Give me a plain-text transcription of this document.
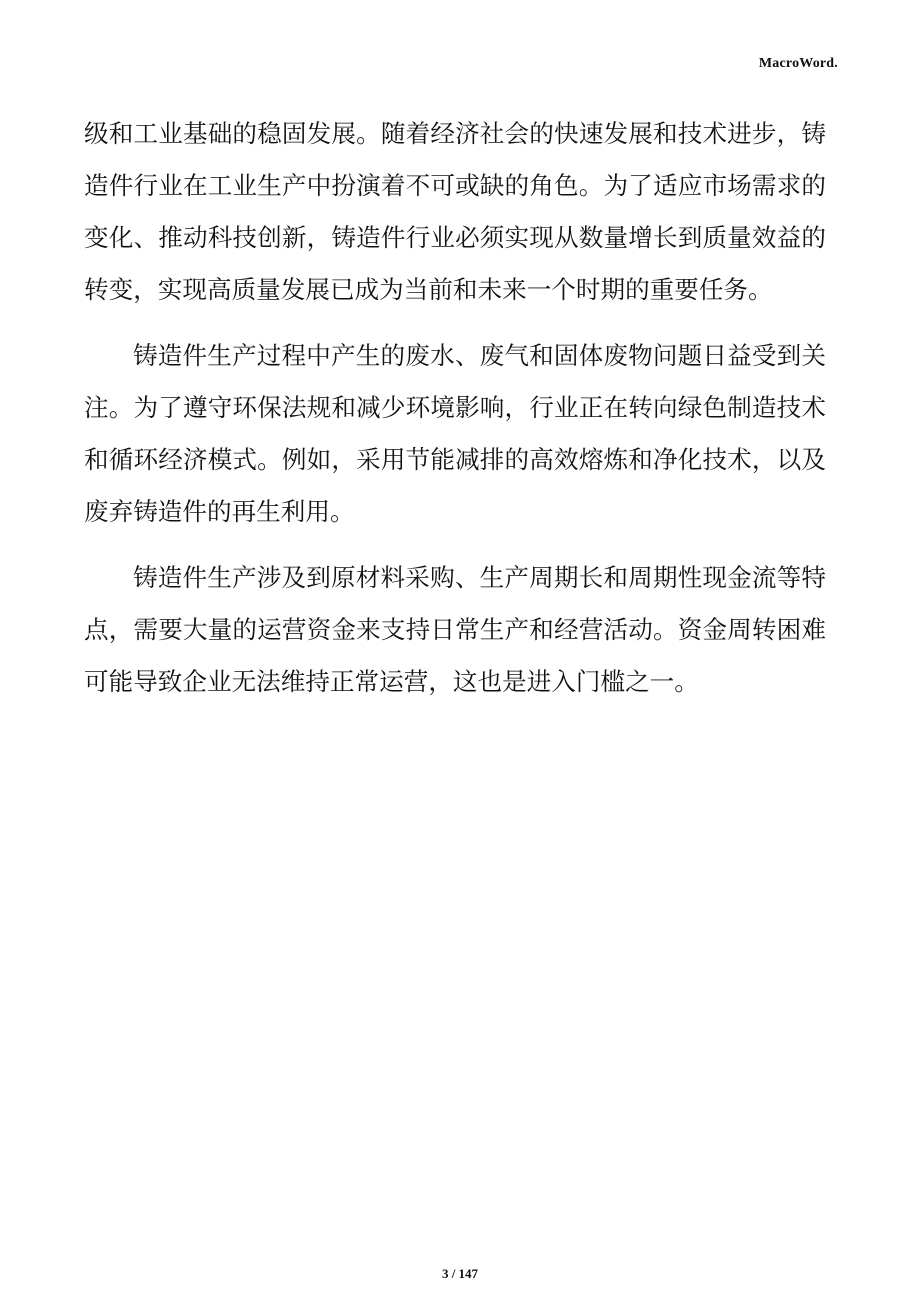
MacroWord.

级和工业基础的稳固发展。随着经济社会的快速发展和技术进步，铸造件行业在工业生产中扮演着不可或缺的角色。为了适应市场需求的变化、推动科技创新，铸造件行业必须实现从数量增长到质量效益的转变，实现高质量发展已成为当前和未来一个时期的重要任务。

铸造件生产过程中产生的废水、废气和固体废物问题日益受到关注。为了遵守环保法规和减少环境影响，行业正在转向绿色制造技术和循环经济模式。例如，采用节能减排的高效熔炼和净化技术，以及废弃铸造件的再生利用。

铸造件生产涉及到原材料采购、生产周期长和周期性现金流等特点，需要大量的运营资金来支持日常生产和经营活动。资金周转困难可能导致企业无法维持正常运营，这也是进入门槛之一。

3 / 147
